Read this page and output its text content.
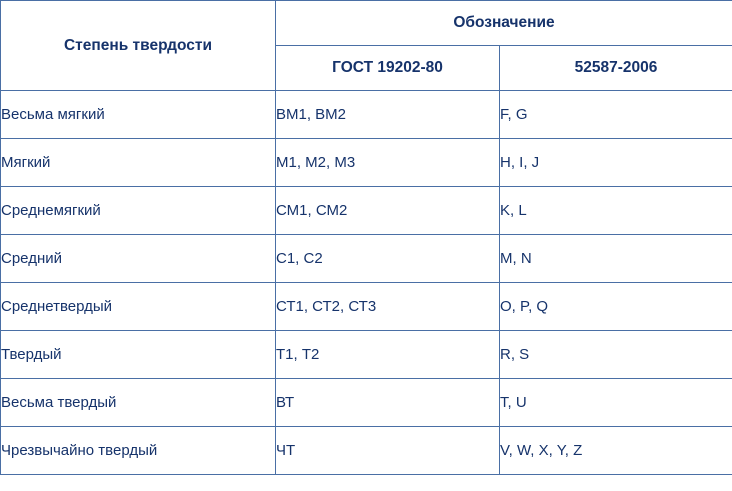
Степень твердости	Обозначение	
	ГОСТ 19202-80	52587-2006
Весьма мягкий	ВМ1, ВМ2	F, G
Мягкий	М1, М2, М3	H, I, J
Среднемягкий	СМ1, СМ2	K, L
Средний	С1, С2	M, N
Среднетвердый	СТ1, СТ2, СТ3	O, P, Q
Твердый	Т1, Т2	R, S
Весьма твердый	ВТ	T, U
Чрезвычайно твердый	ЧТ	V, W, X, Y, Z
